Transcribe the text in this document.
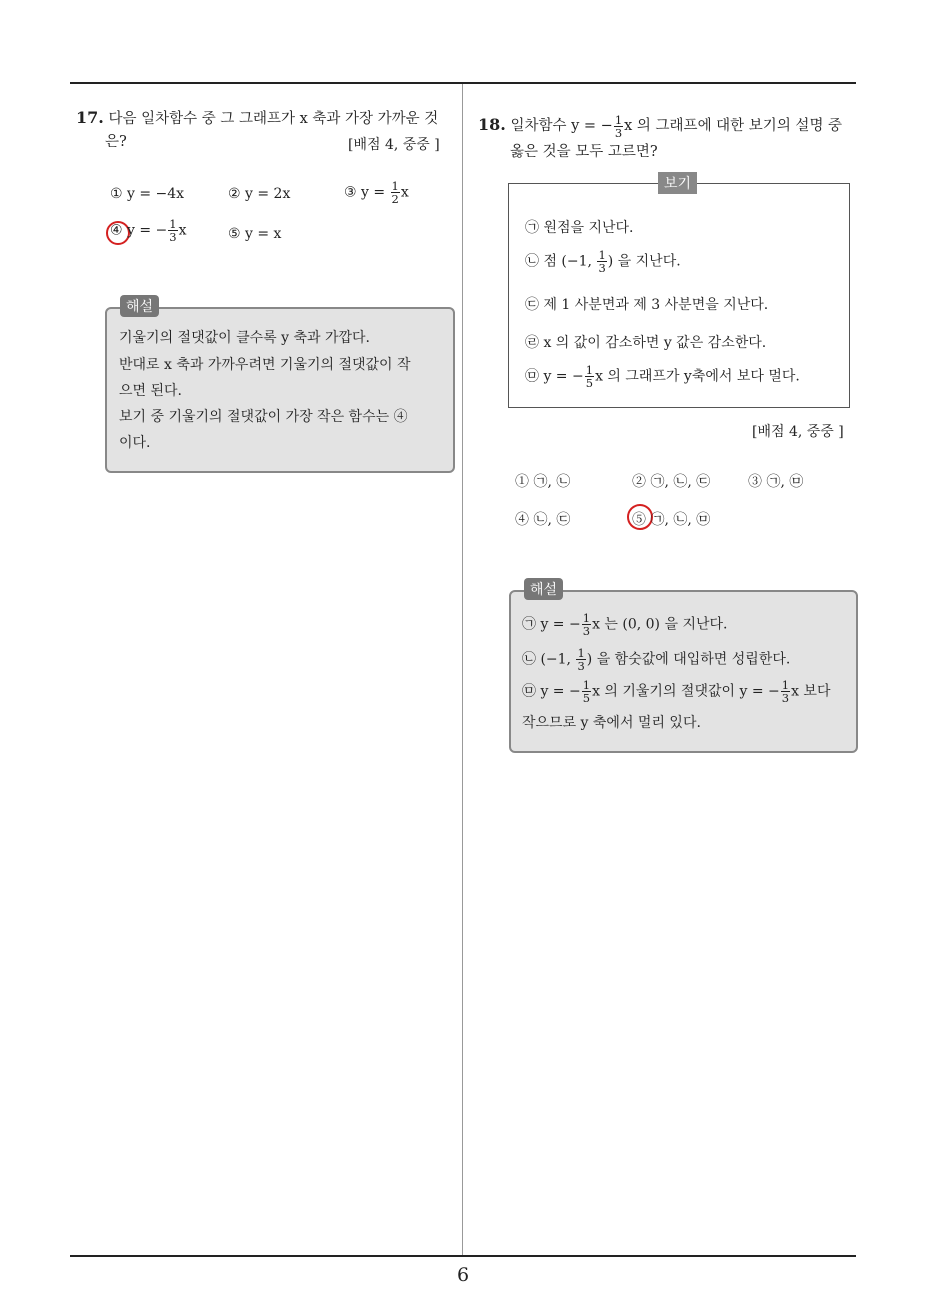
6
17. 다음 일차함수 중 그 그래프가 x 축과 가장 가까운 것
은?	[배점 4, 중중 ]
① y = −4x	② y = 2x	③ $y = \frac{1}{2}$ x
④ y = − $\frac{1}{3}$ x	⑤ y = x
해설
기울기의 절댓값이 클수록 y 축과 가깝다.
반대로 x 축과 가까우려면 기울기의 절댓값이 작
으면 된다.
보기 중 기울기의 절댓값이 가장 작은 함수는 ④
이다.
18. 일차함수 y = − $\frac{1}{3}$ x 의 그래프에 대한 보기의 설명 중
옳은 것을 모두 고르면?
보기
㉠ 원점을 지난다.
㉡ 점 (−1, $\frac{1}{3}$ ) 을 지난다.
㉢ 제 1 사분면과 제 3 사분면을 지난다.
㉣ x 의 값이 감소하면 y 값은 감소한다.
㉤ y = − $\frac{1}{5}$ x 의 그래프가 y축에서 보다 멀다.
[배점 4, 중중 ]
① ㉠, ㉡	② ㉠, ㉡, ㉢	③ ㉠, ㉤
④ ㉡, ㉢	⑤ ㉠, ㉡, ㉤
해설
㉠ y = − $\frac{1}{3}$ x 는 (0, 0) 을 지난다.
㉡ (−1, $\frac{1}{3}$ ) 을 함숫값에 대입하면 성립한다.
㉤ y = − $\frac{1}{5}$ x 의 기울기의 절댓값이 y = − $\frac{1}{3}$ x 보다
작으므로 y 축에서 멀리 있다.
